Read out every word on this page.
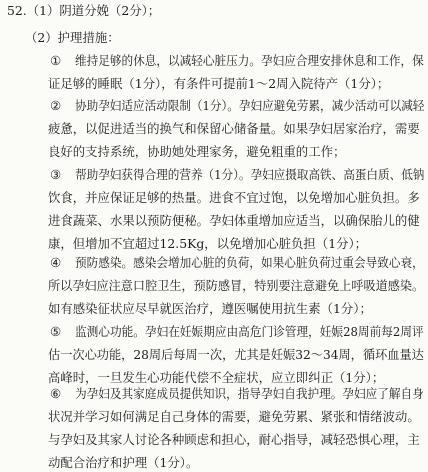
52.（1）阴道分娩（2分）；
（2）护理措施：
① 维持足够的休息，以减轻心脏压力。孕妇应合理安排休息和工作，保
证足够的睡眠（1分），有条件可提前1～2周入院待产（1分）；
② 协助孕妇适应活动限制（1分）。孕妇应避免劳累，减少活动可以减轻
疲惫，以促进适当的换气和保留心储备量。如果孕妇居家治疗，需要
良好的支持系统，协助她处理家务，避免粗重的工作；
③ 帮助孕妇获得合理的营养（1分）。孕妇应摄取高铁、高蛋白质、低钠
饮食，并应保证足够的热量。进食不宜过饱，以免增加心脏负担。多
进食蔬菜、水果以预防便秘。孕妇体重增加应适当，以确保胎儿的健
康，但增加不宜超过12.5Kg，以免增加心脏负担（1分）；
④ 预防感染。感染会增加心脏的负荷，如果心脏负荷过重会导致心衰，
所以孕妇应注意口腔卫生，预防感冒，特别要注意避免上呼吸道感染。
如有感染征状应尽早就医治疗，遵医嘱使用抗生素（1分）；
⑤ 监测心功能。孕妇在妊娠期应由高危门诊管理，妊娠28周前每2周评
估一次心功能，28周后每周一次，尤其是妊娠32～34周，循环血量达
高峰时，一旦发生心功能代偿不全症状，应立即纠正（1分）；
⑥ 为孕妇及其家庭成员提供知识，指导孕妇自我护理。孕妇应了解自身
状况并学习如何满足自己身体的需要，避免劳累、紧张和情绪波动。
与孕妇及其家人讨论各种顾虑和担心，耐心指导，减轻恐惧心理，主
动配合治疗和护理（1分）。
